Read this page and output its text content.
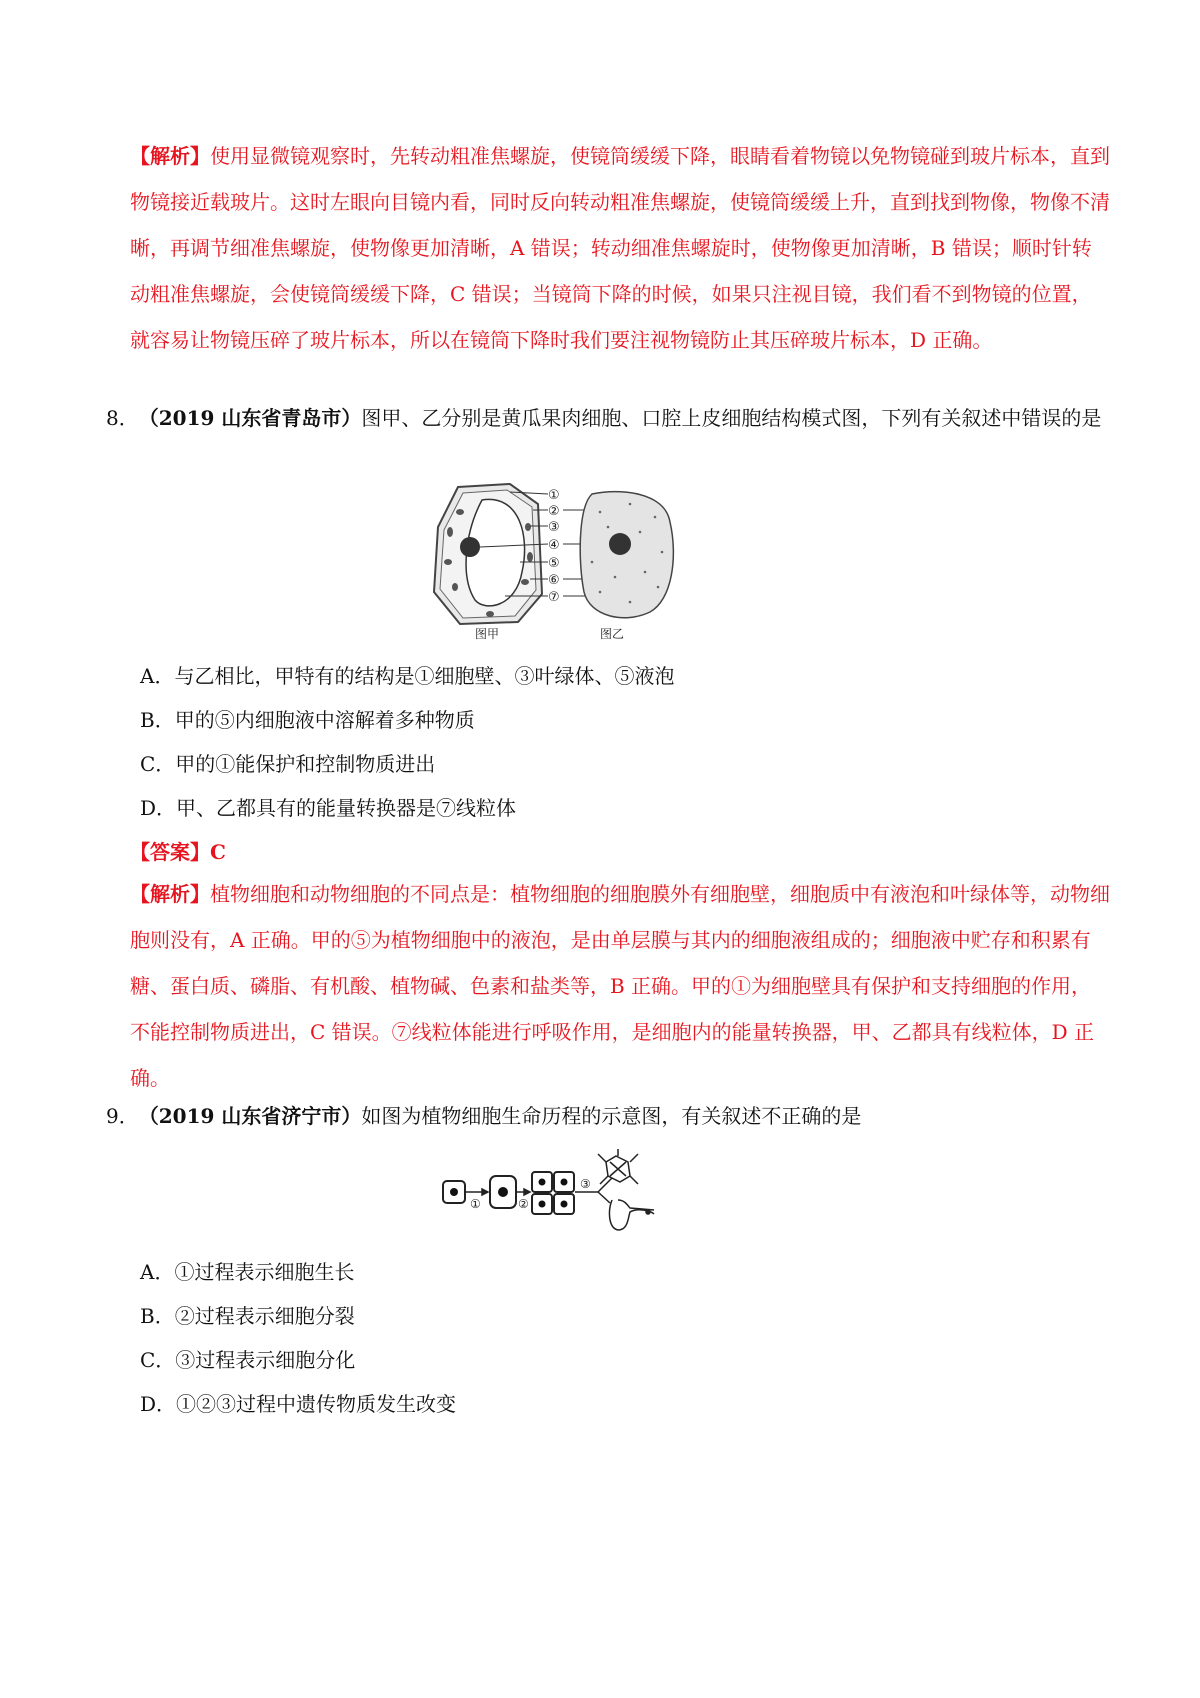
【解析】使用显微镜观察时，先转动粗准焦螺旋，使镜筒缓缓下降，眼睛看着物镜以免物镜碰到玻片标本，直到物镜接近载玻片。这时左眼向目镜内看，同时反向转动粗准焦螺旋，使镜筒缓缓上升，直到找到物像，物像不清晰，再调节细准焦螺旋，使物像更加清晰，A 错误；转动细准焦螺旋时，使物像更加清晰，B 错误；顺时针转动粗准焦螺旋，会使镜筒缓缓下降，C 错误；当镜筒下降的时候，如果只注视目镜，我们看不到物镜的位置，就容易让物镜压碎了玻片标本，所以在镜筒下降时我们要注视物镜防止其压碎玻片标本，D 正确。
8．（2019 山东省青岛市）图甲、乙分别是黄瓜果肉细胞、口腔上皮细胞结构模式图，下列有关叙述中错误的是
①
②
③
④
⑤
⑥
⑦
图甲	图乙
A．与乙相比，甲特有的结构是①细胞壁、③叶绿体、⑤液泡
B．甲的⑤内细胞液中溶解着多种物质
C．甲的①能保护和控制物质进出
D．甲、乙都具有的能量转换器是⑦线粒体
【答案】C
【解析】植物细胞和动物细胞的不同点是：植物细胞的细胞膜外有细胞壁，细胞质中有液泡和叶绿体等，动物细胞则没有，A 正确。甲的⑤为植物细胞中的液泡，是由单层膜与其内的细胞液组成的；细胞液中贮存和积累有糖、蛋白质、磷脂、有机酸、植物碱、色素和盐类等，B 正确。甲的①为细胞壁具有保护和支持细胞的作用，不能控制物质进出，C 错误。⑦线粒体能进行呼吸作用，是细胞内的能量转换器，甲、乙都具有线粒体，D 正确。
9．（2019 山东省济宁市）如图为植物细胞生命历程的示意图，有关叙述不正确的是
①	②
③
A．①过程表示细胞生长
B．②过程表示细胞分裂
C．③过程表示细胞分化
D．①②③过程中遗传物质发生改变
